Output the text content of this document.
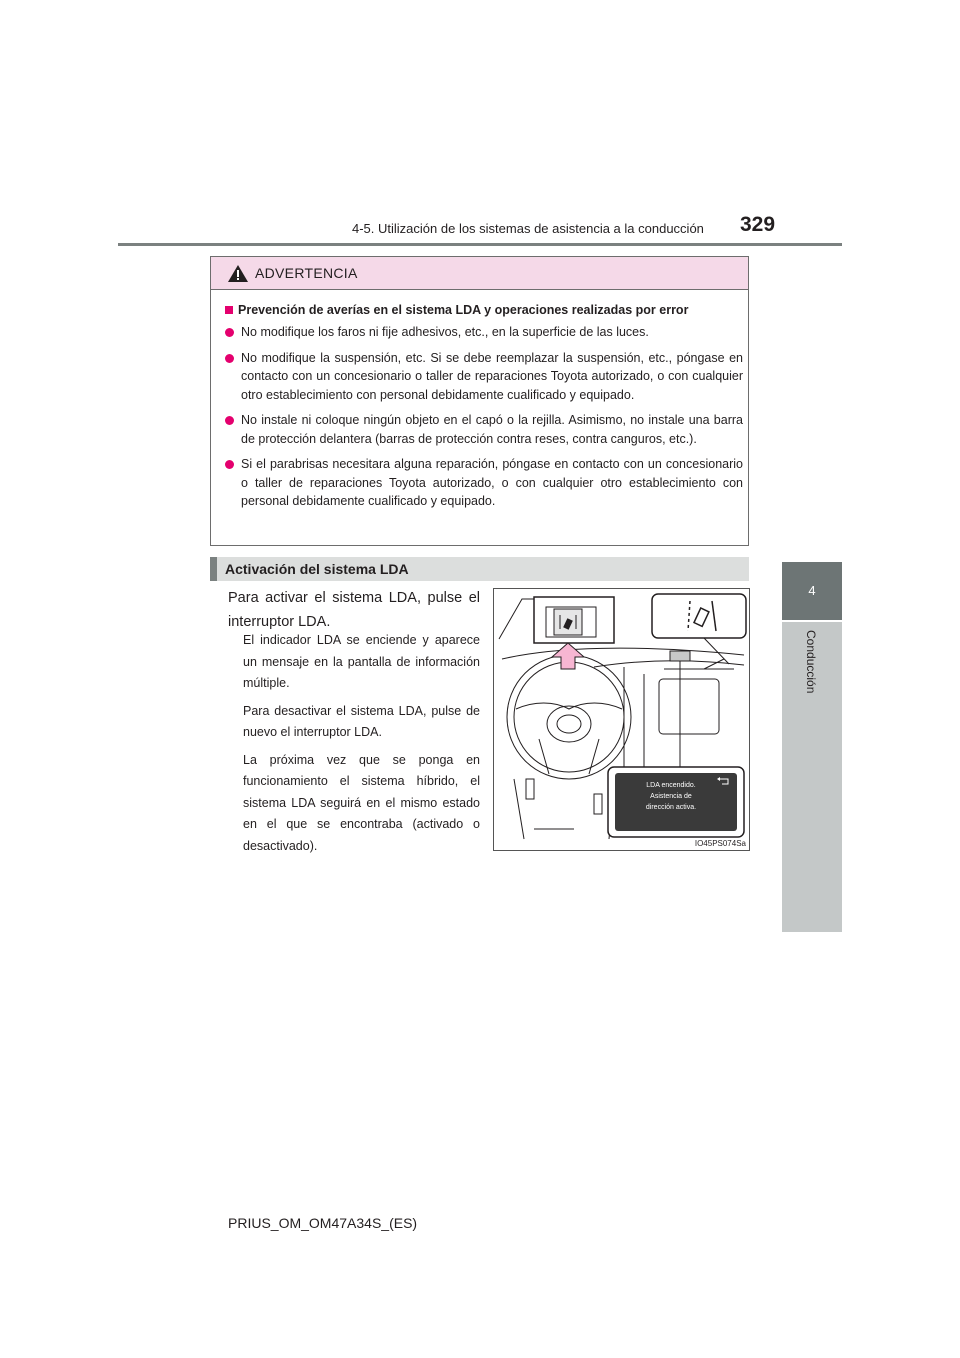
4-5. Utilización de los sistemas de asistencia a la conducción 329
4
Conducción
ADVERTENCIA
Prevención de averías en el sistema LDA y operaciones realizadas por error
No modifique los faros ni fije adhesivos, etc., en la superficie de las luces.
No modifique la suspensión, etc. Si se debe reemplazar la suspensión, etc., póngase en contacto con un concesionario o taller de reparaciones Toyota autorizado, o con cualquier otro establecimiento con personal debidamente cualificado y equipado.
No instale ni coloque ningún objeto en el capó o la rejilla. Asimismo, no instale una barra de protección delantera (barras de protección contra reses, contra canguros, etc.).
Si el parabrisas necesitara alguna reparación, póngase en contacto con un concesionario o taller de reparaciones Toyota autorizado, o con cualquier otro establecimiento con personal debidamente cualificado y equipado.
Activación del sistema LDA

Para activar el sistema LDA, pulse el interruptor LDA.

El indicador LDA se enciende y aparece un mensaje en la pantalla de información múltiple.

Para desactivar el sistema LDA, pulse de nuevo el interruptor LDA.

La próxima vez que se ponga en funcionamiento el sistema híbrido, el sistema LDA seguirá en el mismo estado en el que se encontraba (activado o desactivado).	IO45PS074Sa
LDA encendido.
Asistencia de
dirección activa.
PRIUS_OM_OM47A34S_(ES)
